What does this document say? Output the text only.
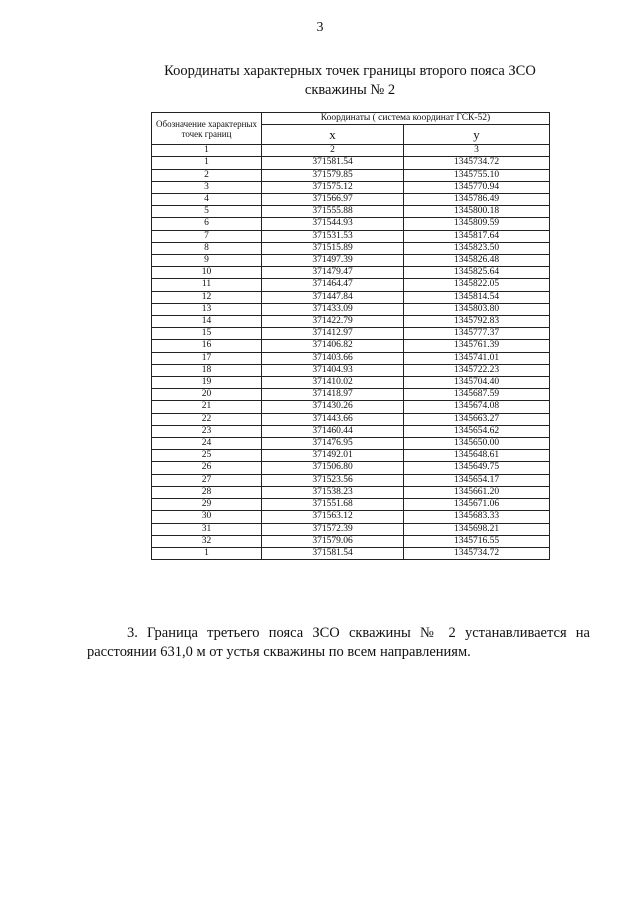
3
Координаты характерных точек границы второго пояса ЗСО
скважины № 2
Обозначение характерных точек границ	Координаты ( система координат ГСК-52)	
	x	y
1	2	3
1	371581.54	1345734.72
2	371579.85	1345755.10
3	371575.12	1345770.94
4	371566.97	1345786.49
5	371555.88	1345800.18
6	371544.93	1345809.59
7	371531.53	1345817.64
8	371515.89	1345823.50
9	371497.39	1345826.48
10	371479.47	1345825.64
11	371464.47	1345822.05
12	371447.84	1345814.54
13	371433.09	1345803.80
14	371422.79	1345792.83
15	371412.97	1345777.37
16	371406.82	1345761.39
17	371403.66	1345741.01
18	371404.93	1345722.23
19	371410.02	1345704.40
20	371418.97	1345687.59
21	371430.26	1345674.08
22	371443.66	1345663.27
23	371460.44	1345654.62
24	371476.95	1345650.00
25	371492.01	1345648.61
26	371506.80	1345649.75
27	371523.56	1345654.17
28	371538.23	1345661.20
29	371551.68	1345671.06
30	371563.12	1345683.33
31	371572.39	1345698.21
32	371579.06	1345716.55
1	371581.54	1345734.72
3. Граница третьего пояса ЗСО скважины № 2 устанавливается на расстоянии 631,0 м от устья скважины по всем направлениям.
